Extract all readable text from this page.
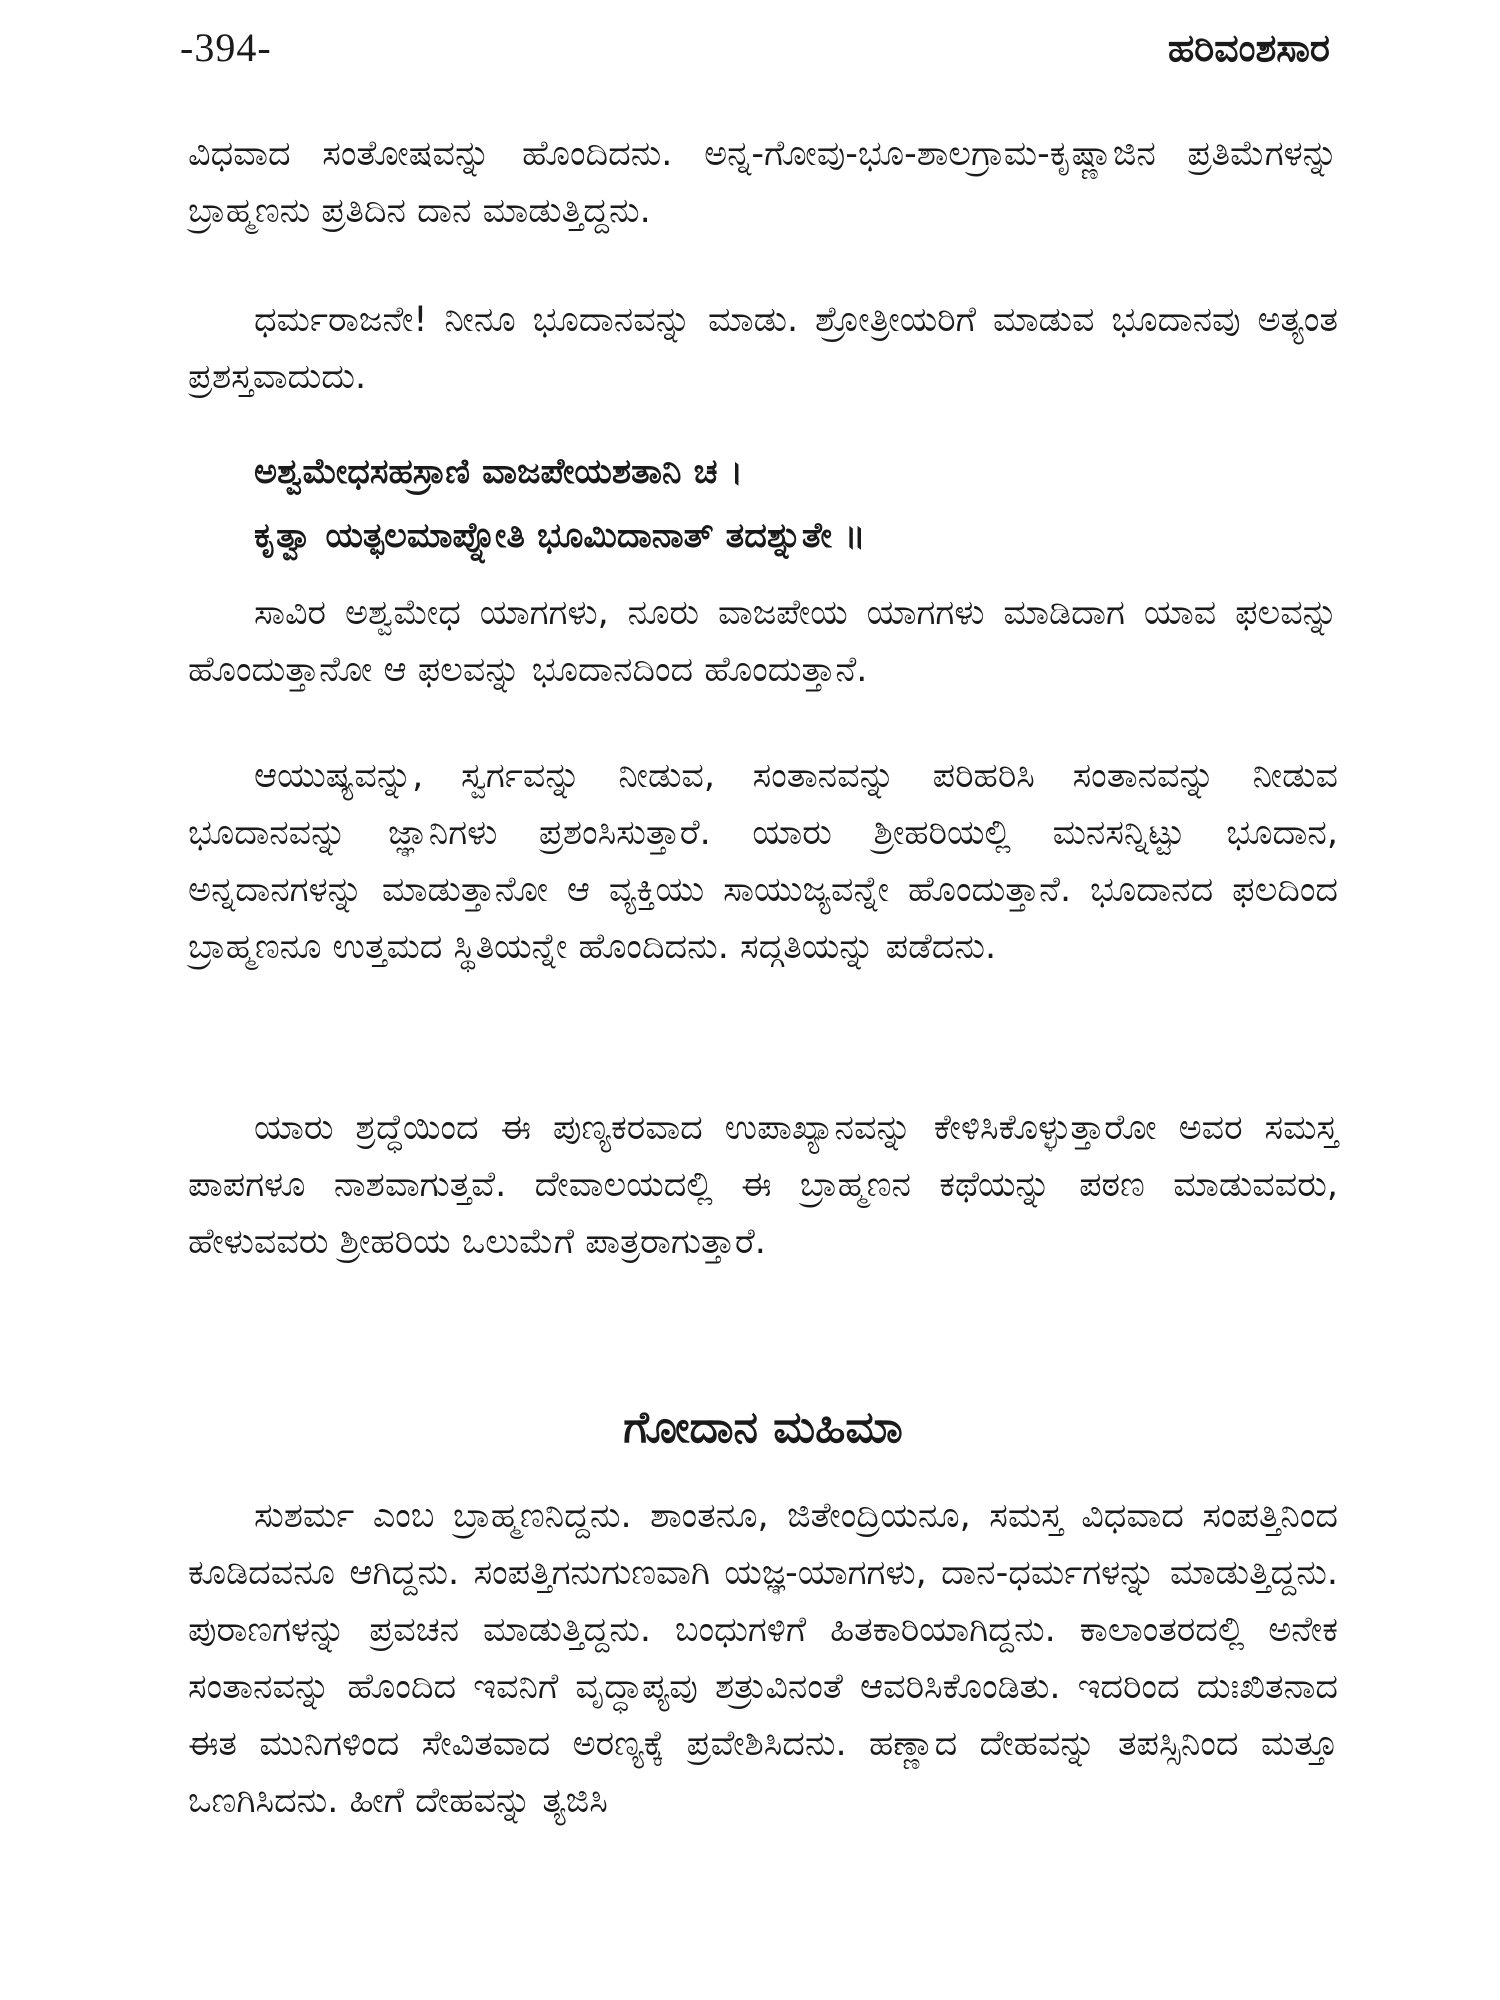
-394-	ಹರಿವಂಶಸಾರ

ವಿಧವಾದ ಸಂತೋಷವನ್ನು ಹೊಂದಿದನು. ಅನ್ನ-ಗೋವು-ಭೂ-ಶಾಲಗ್ರಾಮ-ಕೃಷ್ಣಾಜಿನ ಪ್ರತಿಮೆಗಳನ್ನು ಬ್ರಾಹ್ಮಣನು ಪ್ರತಿದಿನ ದಾನ ಮಾಡುತ್ತಿದ್ದನು.

ಧರ್ಮರಾಜನೇ! ನೀನೂ ಭೂದಾನವನ್ನು ಮಾಡು. ಶ್ರೋತ್ರೀಯರಿಗೆ ಮಾಡುವ ಭೂದಾನವು ಅತ್ಯಂತ ಪ್ರಶಸ್ತವಾದುದು.

ಅಶ್ವಮೇಧಸಹಸ್ರಾಣಿ ವಾಜಪೇಯಶತಾನಿ ಚ ।
ಕೃತ್ವಾ ಯತ್ಫಲಮಾಪ್ನೋತಿ ಭೂಮಿದಾನಾತ್ ತದಶ್ನುತೇ ॥

ಸಾವಿರ ಅಶ್ವಮೇಧ ಯಾಗಗಳು, ನೂರು ವಾಜಪೇಯ ಯಾಗಗಳು ಮಾಡಿದಾಗ ಯಾವ ಫಲವನ್ನು ಹೊಂದುತ್ತಾನೋ ಆ ಫಲವನ್ನು ಭೂದಾನದಿಂದ ಹೊಂದುತ್ತಾನೆ.

ಆಯುಷ್ಯವನ್ನು, ಸ್ವರ್ಗವನ್ನು ನೀಡುವ, ಸಂತಾನವನ್ನು ಪರಿಹರಿಸಿ ಸಂತಾನವನ್ನು ನೀಡುವ ಭೂದಾನವನ್ನು ಜ್ಞಾನಿಗಳು ಪ್ರಶಂಸಿಸುತ್ತಾರೆ. ಯಾರು ಶ್ರೀಹರಿಯಲ್ಲಿ ಮನಸನ್ನಿಟ್ಟು ಭೂದಾನ, ಅನ್ನದಾನಗಳನ್ನು ಮಾಡುತ್ತಾನೋ ಆ ವ್ಯಕ್ತಿಯು ಸಾಯುಜ್ಯವನ್ನೇ ಹೊಂದುತ್ತಾನೆ. ಭೂದಾನದ ಫಲದಿಂದ ಬ್ರಾಹ್ಮಣನೂ ಉತ್ತಮದ ಸ್ಥಿತಿಯನ್ನೇ ಹೊಂದಿದನು. ಸದ್ಗತಿಯನ್ನು ಪಡೆದನು.

ಯಾರು ಶ್ರದ್ಧೆಯಿಂದ ಈ ಪುಣ್ಯಕರವಾದ ಉಪಾಖ್ಯಾನವನ್ನು ಕೇಳಿಸಿಕೊಳ್ಳುತ್ತಾರೋ ಅವರ ಸಮಸ್ತ ಪಾಪಗಳೂ ನಾಶವಾಗುತ್ತವೆ. ದೇವಾಲಯದಲ್ಲಿ ಈ ಬ್ರಾಹ್ಮಣನ ಕಥೆಯನ್ನು ಪಠಣ ಮಾಡುವವರು, ಹೇಳುವವರು ಶ್ರೀಹರಿಯ ಒಲುಮೆಗೆ ಪಾತ್ರರಾಗುತ್ತಾರೆ.

ಗೋದಾನ ಮಹಿಮಾ

ಸುಶರ್ಮ ಎಂಬ ಬ್ರಾಹ್ಮಣನಿದ್ದನು. ಶಾಂತನೂ, ಜಿತೇಂದ್ರಿಯನೂ, ಸಮಸ್ತ ವಿಧವಾದ ಸಂಪತ್ತಿನಿಂದ ಕೂಡಿದವನೂ ಆಗಿದ್ದನು. ಸಂಪತ್ತಿಗನುಗುಣವಾಗಿ ಯಜ್ಞ-ಯಾಗಗಳು, ದಾನ-ಧರ್ಮಗಳನ್ನು ಮಾಡುತ್ತಿದ್ದನು. ಪುರಾಣಗಳನ್ನು ಪ್ರವಚನ ಮಾಡುತ್ತಿದ್ದನು. ಬಂಧುಗಳಿಗೆ ಹಿತಕಾರಿಯಾಗಿದ್ದನು. ಕಾಲಾಂತರದಲ್ಲಿ ಅನೇಕ ಸಂತಾನವನ್ನು ಹೊಂದಿದ ಇವನಿಗೆ ವೃದ್ಧಾಪ್ಯವು ಶತ್ರುವಿನಂತೆ ಆವರಿಸಿಕೊಂಡಿತು. ಇದರಿಂದ ದುಃಖಿತನಾದ ಈತ ಮುನಿಗಳಿಂದ ಸೇವಿತವಾದ ಅರಣ್ಯಕ್ಕೆ ಪ್ರವೇಶಿಸಿದನು. ಹಣ್ಣಾದ ದೇಹವನ್ನು ತಪಸ್ಸಿನಿಂದ ಮತ್ತೂ ಒಣಗಿಸಿದನು. ಹೀಗೆ ದೇಹವನ್ನು ತ್ಯಜಿಸಿ
